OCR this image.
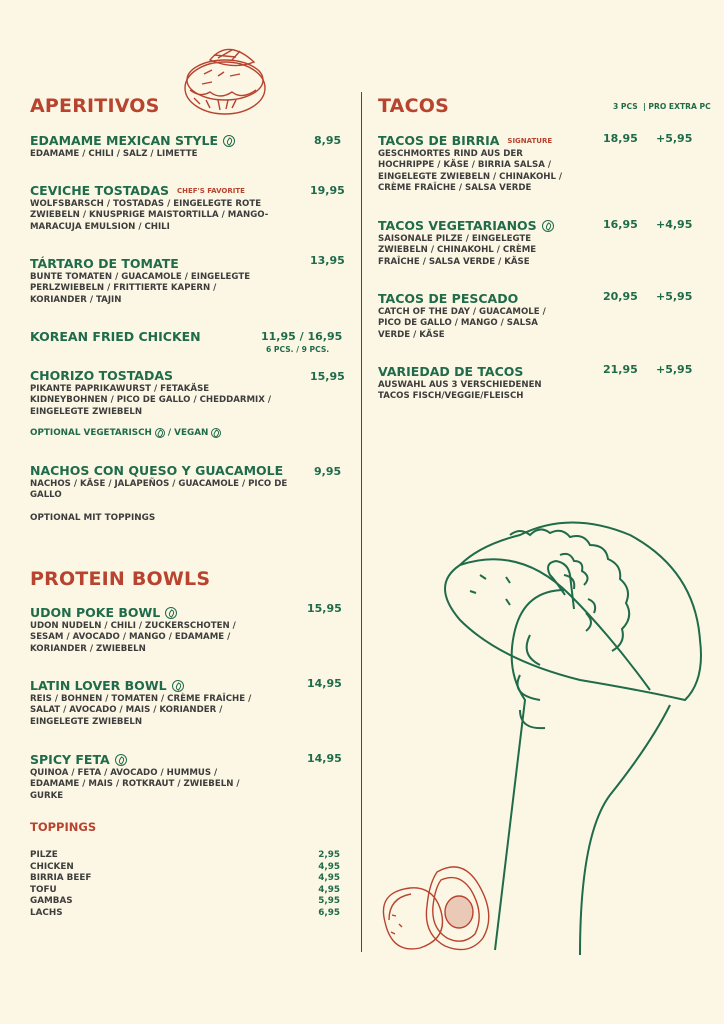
APERITIVOS
EDAMAME MEXICAN STYLE
EDAMAME / CHILI / SALZ / LIMETTE
8,95
CEVICHE TOSTADAS CHEF'S FAVORITE
WOLFSBARSCH / TOSTADAS / EINGELEGTE ROTE ZWIEBELN / KNUSPRIGE MAISTORTILLA / MANGO-MARACUJA EMULSION / CHILI
19,95
TÁRTARO DE TOMATE
BUNTE TOMATEN / GUACAMOLE / EINGELEGTE PERLZWIEBELN / FRITTIERTE KAPERN / KORIANDER / TAJIN
13,95
KOREAN FRIED CHICKEN	11,95 / 16,95
6 PCS. / 9 PCS.
CHORIZO TOSTADAS
PIKANTE PAPRIKAWURST / FETAKÄSE KIDNEYBOHNEN / PICO DE GALLO / CHEDDARMIX / EINGELEGTE ZWIEBELN
15,95
OPTIONAL VEGETARISCH / VEGAN
NACHOS CON QUESO Y GUACAMOLE
NACHOS / KÄSE / JALAPEÑOS / GUACAMOLE / PICO DE GALLO
9,95
OPTIONAL MIT TOPPINGS
PROTEIN BOWLS
UDON POKE BOWL
UDON NUDELN / CHILI / ZUCKERSCHOTEN / SESAM / AVOCADO / MANGO / EDAMAME / KORIANDER / ZWIEBELN
15,95
LATIN LOVER BOWL
REIS / BOHNEN / TOMATEN / CRÈME FRAÎCHE / SALAT / AVOCADO / MAIS / KORIANDER / EINGELEGTE ZWIEBELN
14,95
SPICY FETA
QUINOA / FETA / AVOCADO / HUMMUS / EDAMAME / MAIS / ROTKRAUT / ZWIEBELN / GURKE
14,95
TOPPINGS
PILZE	2,95
CHICKEN	4,95
BIRRIA BEEF	4,95
TOFU	4,95
GAMBAS	5,95
LACHS	6,95
TACOS	3 PCS | PRO EXTRA PC
TACOS DE BIRRIA SIGNATURE
GESCHMORTES RIND AUS DER HOCHRIPPE / KÄSE / BIRRIA SALSA / EINGELEGTE ZWIEBELN / CHINAKOHL / CRÈME FRAÎCHE / SALSA VERDE
18,95 +5,95
TACOS VEGETARIANOS
SAISONALE PILZE / EINGELEGTE ZWIEBELN / CHINAKOHL / CRÈME FRAÎCHE / SALSA VERDE / KÄSE
16,95 +4,95
TACOS DE PESCADO
CATCH OF THE DAY / GUACAMOLE / PICO DE GALLO / MANGO / SALSA VERDE / KÄSE
20,95 +5,95
VARIEDAD DE TACOS
AUSWAHL AUS 3 VERSCHIEDENEN TACOS FISCH/VEGGIE/FLEISCH
21,95 +5,95
